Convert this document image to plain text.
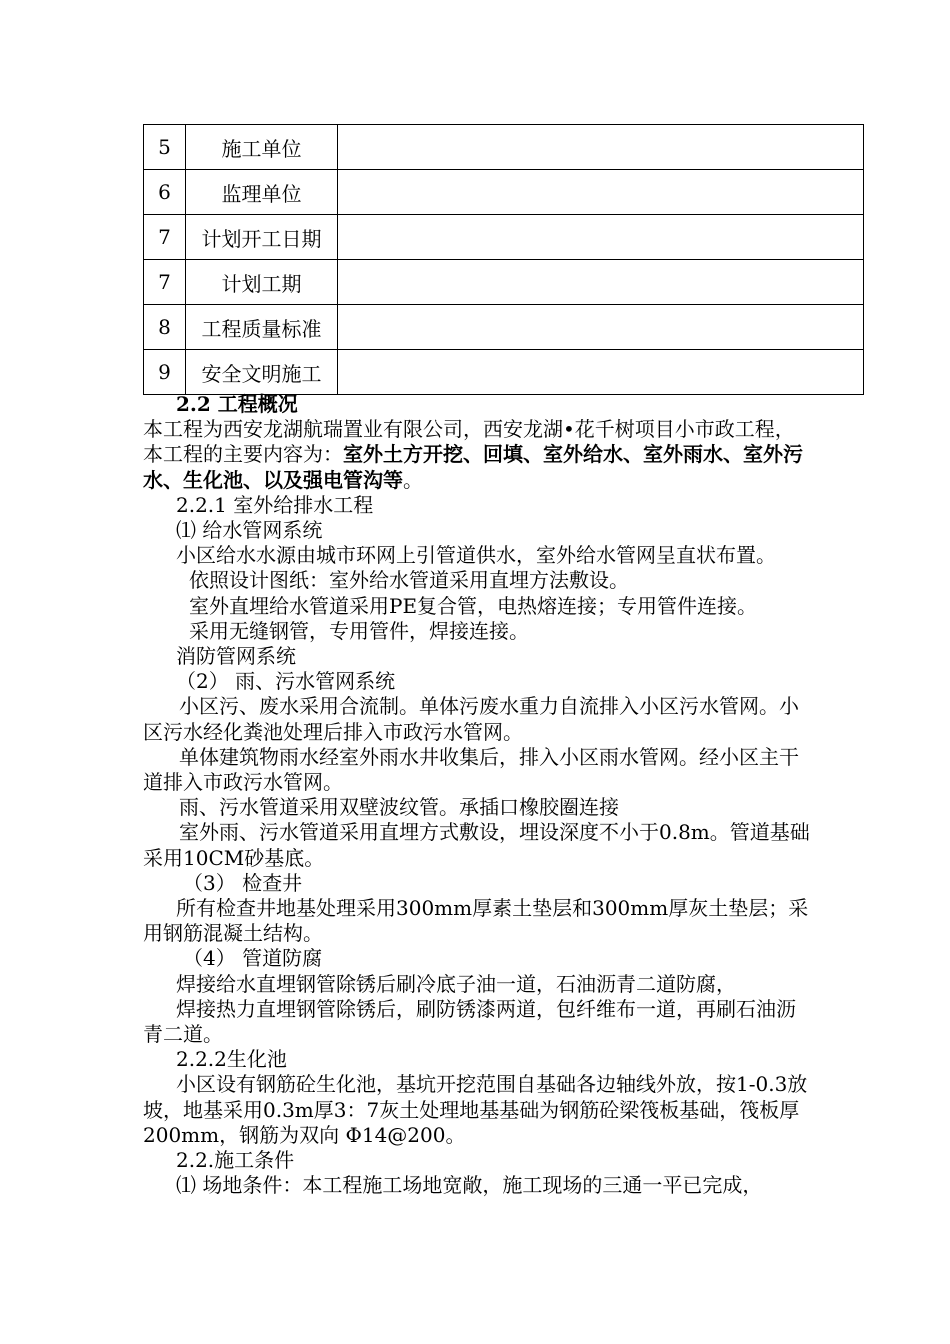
5	施工单位	
6	监理单位	
7	计划开工日期	
7	计划工期	
8	工程质量标准	
9	安全文明施工	

2.2 工程概况

本工程为西安龙湖航瑞置业有限公司，西安龙湖•花千树项目小市政工程，本工程的主要内容为：室外土方开挖、回填、室外给水、室外雨水、室外污水、生化池、以及强电管沟等。

2.2.1 室外给排水工程

⑴ 给水管网系统

小区给水水源由城市环网上引管道供水，室外给水管网呈直状布置。

依照设计图纸：室外给水管道采用直埋方法敷设。

室外直埋给水管道采用PE复合管，电热熔连接；专用管件连接。

采用无缝钢管，专用管件，焊接连接。

消防管网系统

（2） 雨、污水管网系统

小区污、废水采用合流制。单体污废水重力自流排入小区污水管网。小区污水经化粪池处理后排入市政污水管网。

单体建筑物雨水经室外雨水井收集后，排入小区雨水管网。经小区主干道排入市政污水管网。

雨、污水管道采用双壁波纹管。承插口橡胶圈连接

室外雨、污水管道采用直埋方式敷设，埋设深度不小于0.8m。管道基础采用10CM砂基底。

（3） 检查井

所有检查井地基处理采用300mm厚素土垫层和300mm厚灰土垫层；采用钢筋混凝土结构。

（4） 管道防腐

焊接给水直埋钢管除锈后刷冷底子油一道，石油沥青二道防腐，

焊接热力直埋钢管除锈后，刷防锈漆两道，包纤维布一道，再刷石油沥青二道。

2.2.2生化池

小区设有钢筋砼生化池，基坑开挖范围自基础各边轴线外放，按1-0.3放坡，地基采用0.3m厚3：7灰土处理地基基础为钢筋砼梁筏板基础，筏板厚200mm，钢筋为双向 Φ14@200。

2.2.施工条件

⑴ 场地条件：本工程施工场地宽敞，施工现场的三通一平已完成，
